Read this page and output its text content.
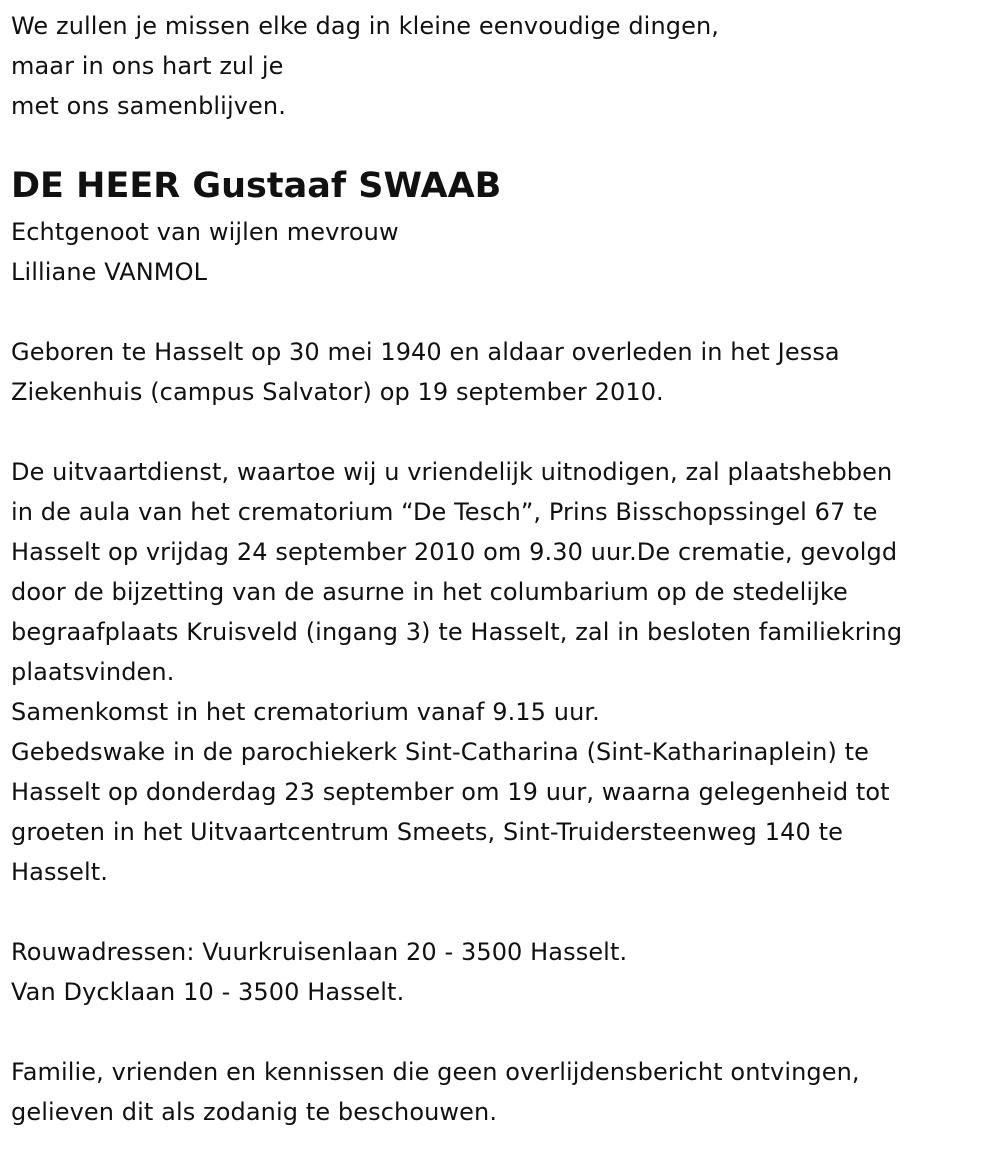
We zullen je missen elke dag in kleine eenvoudige dingen,
maar in ons hart zul je
met ons samenblijven.
DE HEER Gustaaf SWAAB
Echtgenoot van wijlen mevrouw
Lilliane VANMOL
Geboren te Hasselt op 30 mei 1940 en aldaar overleden in het Jessa
Ziekenhuis (campus Salvator) op 19 september 2010.
De uitvaartdienst, waartoe wij u vriendelijk uitnodigen, zal plaatshebben
in de aula van het crematorium “De Tesch”, Prins Bisschopssingel 67 te
Hasselt op vrijdag 24 september 2010 om 9.30 uur.De crematie, gevolgd
door de bijzetting van de asurne in het columbarium op de stedelijke
begraafplaats Kruisveld (ingang 3) te Hasselt, zal in besloten familiekring
plaatsvinden.
Samenkomst in het crematorium vanaf 9.15 uur.
Gebedswake in de parochiekerk Sint-Catharina (Sint-Katharinaplein) te
Hasselt op donderdag 23 september om 19 uur, waarna gelegenheid tot
groeten in het Uitvaartcentrum Smeets, Sint-Truidersteenweg 140 te
Hasselt.
Rouwadressen: Vuurkruisenlaan 20 - 3500 Hasselt.
Van Dycklaan 10 - 3500 Hasselt.
Familie, vrienden en kennissen die geen overlijdensbericht ontvingen,
gelieven dit als zodanig te beschouwen.
